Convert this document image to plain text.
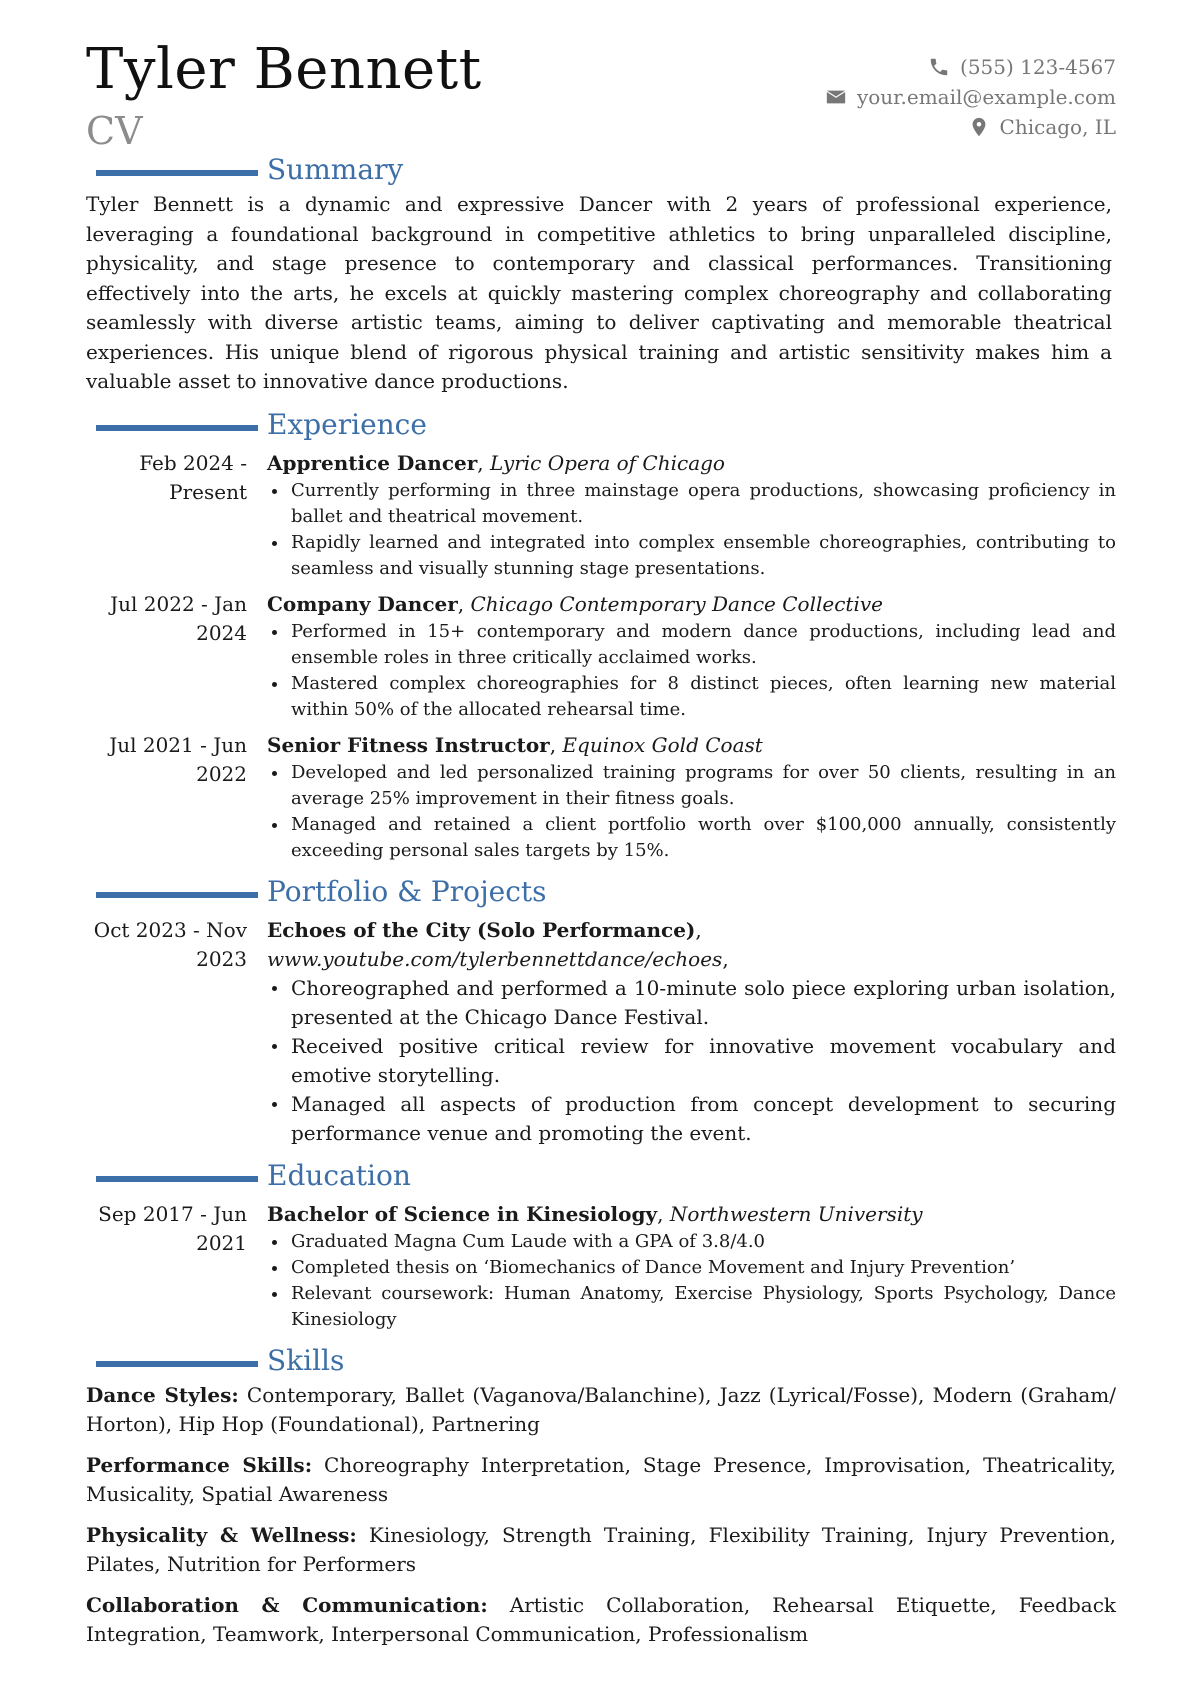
Tyler Bennett
CV
(555) 123-4567
your.email@example.com
Chicago, IL
Summary

Tyler Bennett is a dynamic and expressive Dancer with 2 years of professional experience, leveraging a foundational background in competitive athletics to bring unparalleled discipline, physicality, and stage presence to contemporary and classical performances. Transitioning effectively into the arts, he excels at quickly mastering complex choreography and collaborating seamlessly with diverse artistic teams, aiming to deliver captivating and memorable theatrical experiences. His unique blend of rigorous physical training and artistic sensitivity makes him a valuable asset to innovative dance productions.

Experience
Feb 2024 - Present
Apprentice Dancer, Lyric Opera of Chicago
Currently performing in three mainstage opera productions, showcasing proficiency in ballet and theatrical movement.
Rapidly learned and integrated into complex ensemble choreographies, contributing to seamless and visually stunning stage presentations.
Jul 2022 - Jan 2024
Company Dancer, Chicago Contemporary Dance Collective
Performed in 15+ contemporary and modern dance productions, including lead and ensemble roles in three critically acclaimed works.
Mastered complex choreographies for 8 distinct pieces, often learning new material within 50% of the allocated rehearsal time.
Jul 2021 - Jun 2022
Senior Fitness Instructor, Equinox Gold Coast
Developed and led personalized training programs for over 50 clients, resulting in an average 25% improvement in their fitness goals.
Managed and retained a client portfolio worth over $100,000 annually, consistently exceeding personal sales targets by 15%.
Portfolio & Projects
Oct 2023 - Nov 2023
Echoes of the City (Solo Performance), www.youtube.com/tylerbennettdance/echoes,
Choreographed and performed a 10-minute solo piece exploring urban isolation, presented at the Chicago Dance Festival.
Received positive critical review for innovative movement vocabulary and emotive storytelling.
Managed all aspects of production from concept development to securing performance venue and promoting the event.
Education
Sep 2017 - Jun 2021
Bachelor of Science in Kinesiology, Northwestern University
Graduated Magna Cum Laude with a GPA of 3.8/4.0
Completed thesis on ‘Biomechanics of Dance Movement and Injury Prevention’
Relevant coursework: Human Anatomy, Exercise Physiology, Sports Psychology, Dance Kinesiology
Skills

Dance Styles: Contemporary, Ballet (Vaganova/Balanchine), Jazz (Lyrical/Fosse), Modern (Graham/ Horton), Hip Hop (Foundational), Partnering

Performance Skills: Choreography Interpretation, Stage Presence, Improvisation, Theatricality, Musicality, Spatial Awareness

Physicality & Wellness: Kinesiology, Strength Training, Flexibility Training, Injury Prevention, Pilates, Nutrition for Performers

Collaboration & Communication: Artistic Collaboration, Rehearsal Etiquette, Feedback Integration, Teamwork, Interpersonal Communication, Professionalism
